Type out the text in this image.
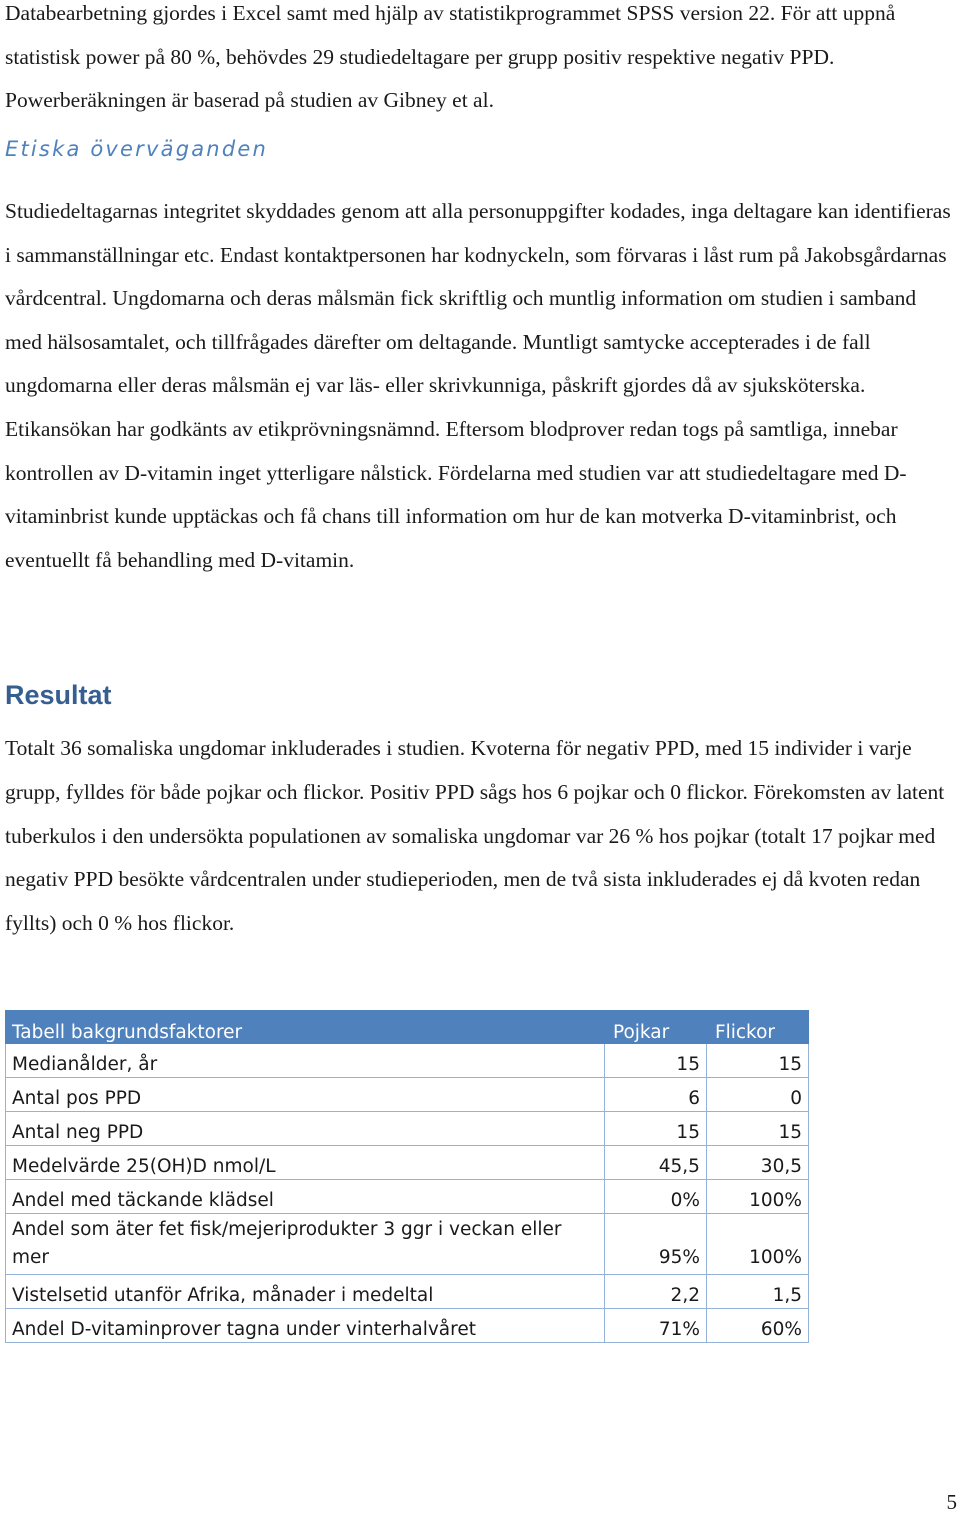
Databearbetning gjordes i Excel samt med hjälp av statistikprogrammet SPSS version 22. För att uppnå statistisk power på 80 %, behövdes 29 studiedeltagare per grupp positiv respektive negativ PPD. Powerberäkningen är baserad på studien av Gibney et al.

Etiska överväganden

Studiedeltagarnas integritet skyddades genom att alla personuppgifter kodades, inga deltagare kan identifieras i sammanställningar etc. Endast kontaktpersonen har kodnyckeln, som förvaras i låst rum på Jakobsgårdarnas vårdcentral. Ungdomarna och deras målsmän fick skriftlig och muntlig information om studien i samband med hälsosamtalet, och tillfrågades därefter om deltagande. Muntligt samtycke accepterades i de fall ungdomarna eller deras målsmän ej var läs- eller skrivkunniga, påskrift gjordes då av sjuksköterska. Etikansökan har godkänts av etikprövningsnämnd. Eftersom blodprover redan togs på samtliga, innebar kontrollen av D-vitamin inget ytterligare nålstick. Fördelarna med studien var att studiedeltagare med D-vitaminbrist kunde upptäckas och få chans till information om hur de kan motverka D-vitaminbrist, och eventuellt få behandling med D-vitamin.

Resultat

Totalt 36 somaliska ungdomar inkluderades i studien. Kvoterna för negativ PPD, med 15 individer i varje grupp, fylldes för både pojkar och flickor. Positiv PPD sågs hos 6 pojkar och 0 flickor. Förekomsten av latent tuberkulos i den undersökta populationen av somaliska ungdomar var 26 % hos pojkar (totalt 17 pojkar med negativ PPD besökte vårdcentralen under studieperioden, men de två sista inkluderades ej då kvoten redan fyllts) och 0 % hos flickor.

Tabell bakgrundsfaktorer	Pojkar	Flickor
Medianålder, år	15	15
Antal pos PPD	6	0
Antal neg PPD	15	15
Medelvärde 25(OH)D nmol/L	45,5	30,5
Andel med täckande klädsel	0%	100%
Andel som äter fet fisk/mejeriprodukter 3 ggr i veckan eller mer	95%	100%
Vistelsetid utanför Afrika, månader i medeltal	2,2	1,5
Andel D-vitaminprover tagna under vinterhalvåret	71%	60%
5
